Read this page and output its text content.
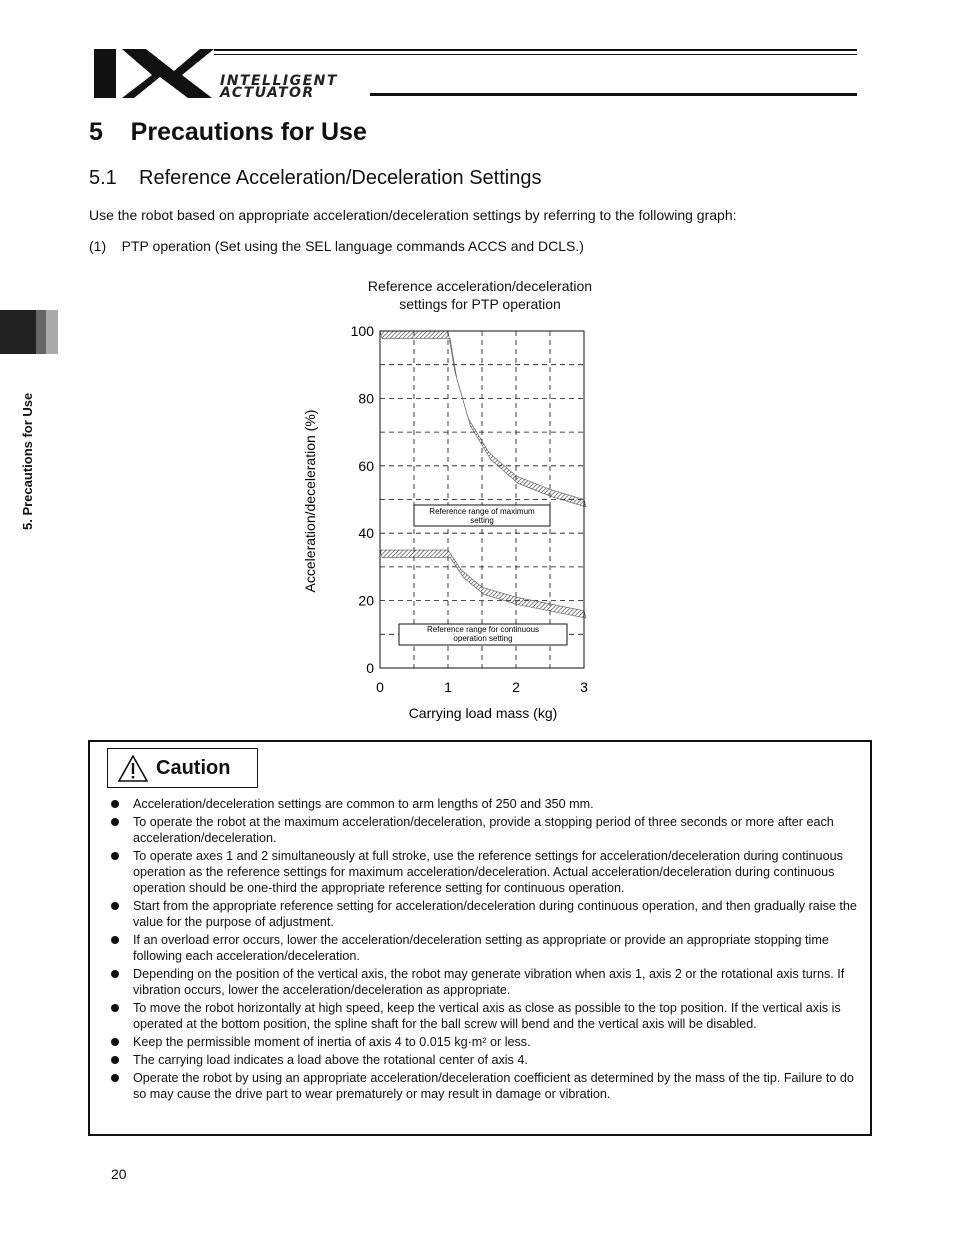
INTELLIGENT
ACTUATOR
5. Precautions for Use
5    Precautions for Use
5.1    Reference Acceleration/Deceleration Settings
Use the robot based on appropriate acceleration/deceleration settings by referring to the following graph:
(1)    PTP operation (Set using the SEL language commands ACCS and DCLS.)
Reference acceleration/deceleration
settings for PTP operation
0	1	2	3
0
20
40
60
80
100
Carrying load mass (kg)
Acceleration/deceleration (%)	Reference range of maximum
setting
Reference range for continuous
operation setting
Caution
Acceleration/deceleration settings are common to arm lengths of 250 and 350 mm.
To operate the robot at the maximum acceleration/deceleration, provide a stopping period of three seconds or more after each acceleration/deceleration.
To operate axes 1 and 2 simultaneously at full stroke, use the reference settings for acceleration/deceleration during continuous operation as the reference settings for maximum acceleration/deceleration. Actual acceleration/deceleration during continuous operation should be one-third the appropriate reference setting for continuous operation.
Start from the appropriate reference setting for acceleration/deceleration during continuous operation, and then gradually raise the value for the purpose of adjustment.
If an overload error occurs, lower the acceleration/deceleration setting as appropriate or provide an appropriate stopping time following each acceleration/deceleration.
Depending on the position of the vertical axis, the robot may generate vibration when axis 1, axis 2 or the rotational axis turns. If vibration occurs, lower the acceleration/deceleration as appropriate.
To move the robot horizontally at high speed, keep the vertical axis as close as possible to the top position. If the vertical axis is operated at the bottom position, the spline shaft for the ball screw will bend and the vertical axis will be disabled.
Keep the permissible moment of inertia of axis 4 to 0.015 kg·m² or less.
The carrying load indicates a load above the rotational center of axis 4.
Operate the robot by using an appropriate acceleration/deceleration coefficient as determined by the mass of the tip. Failure to do so may cause the drive part to wear prematurely or may result in damage or vibration.
20
